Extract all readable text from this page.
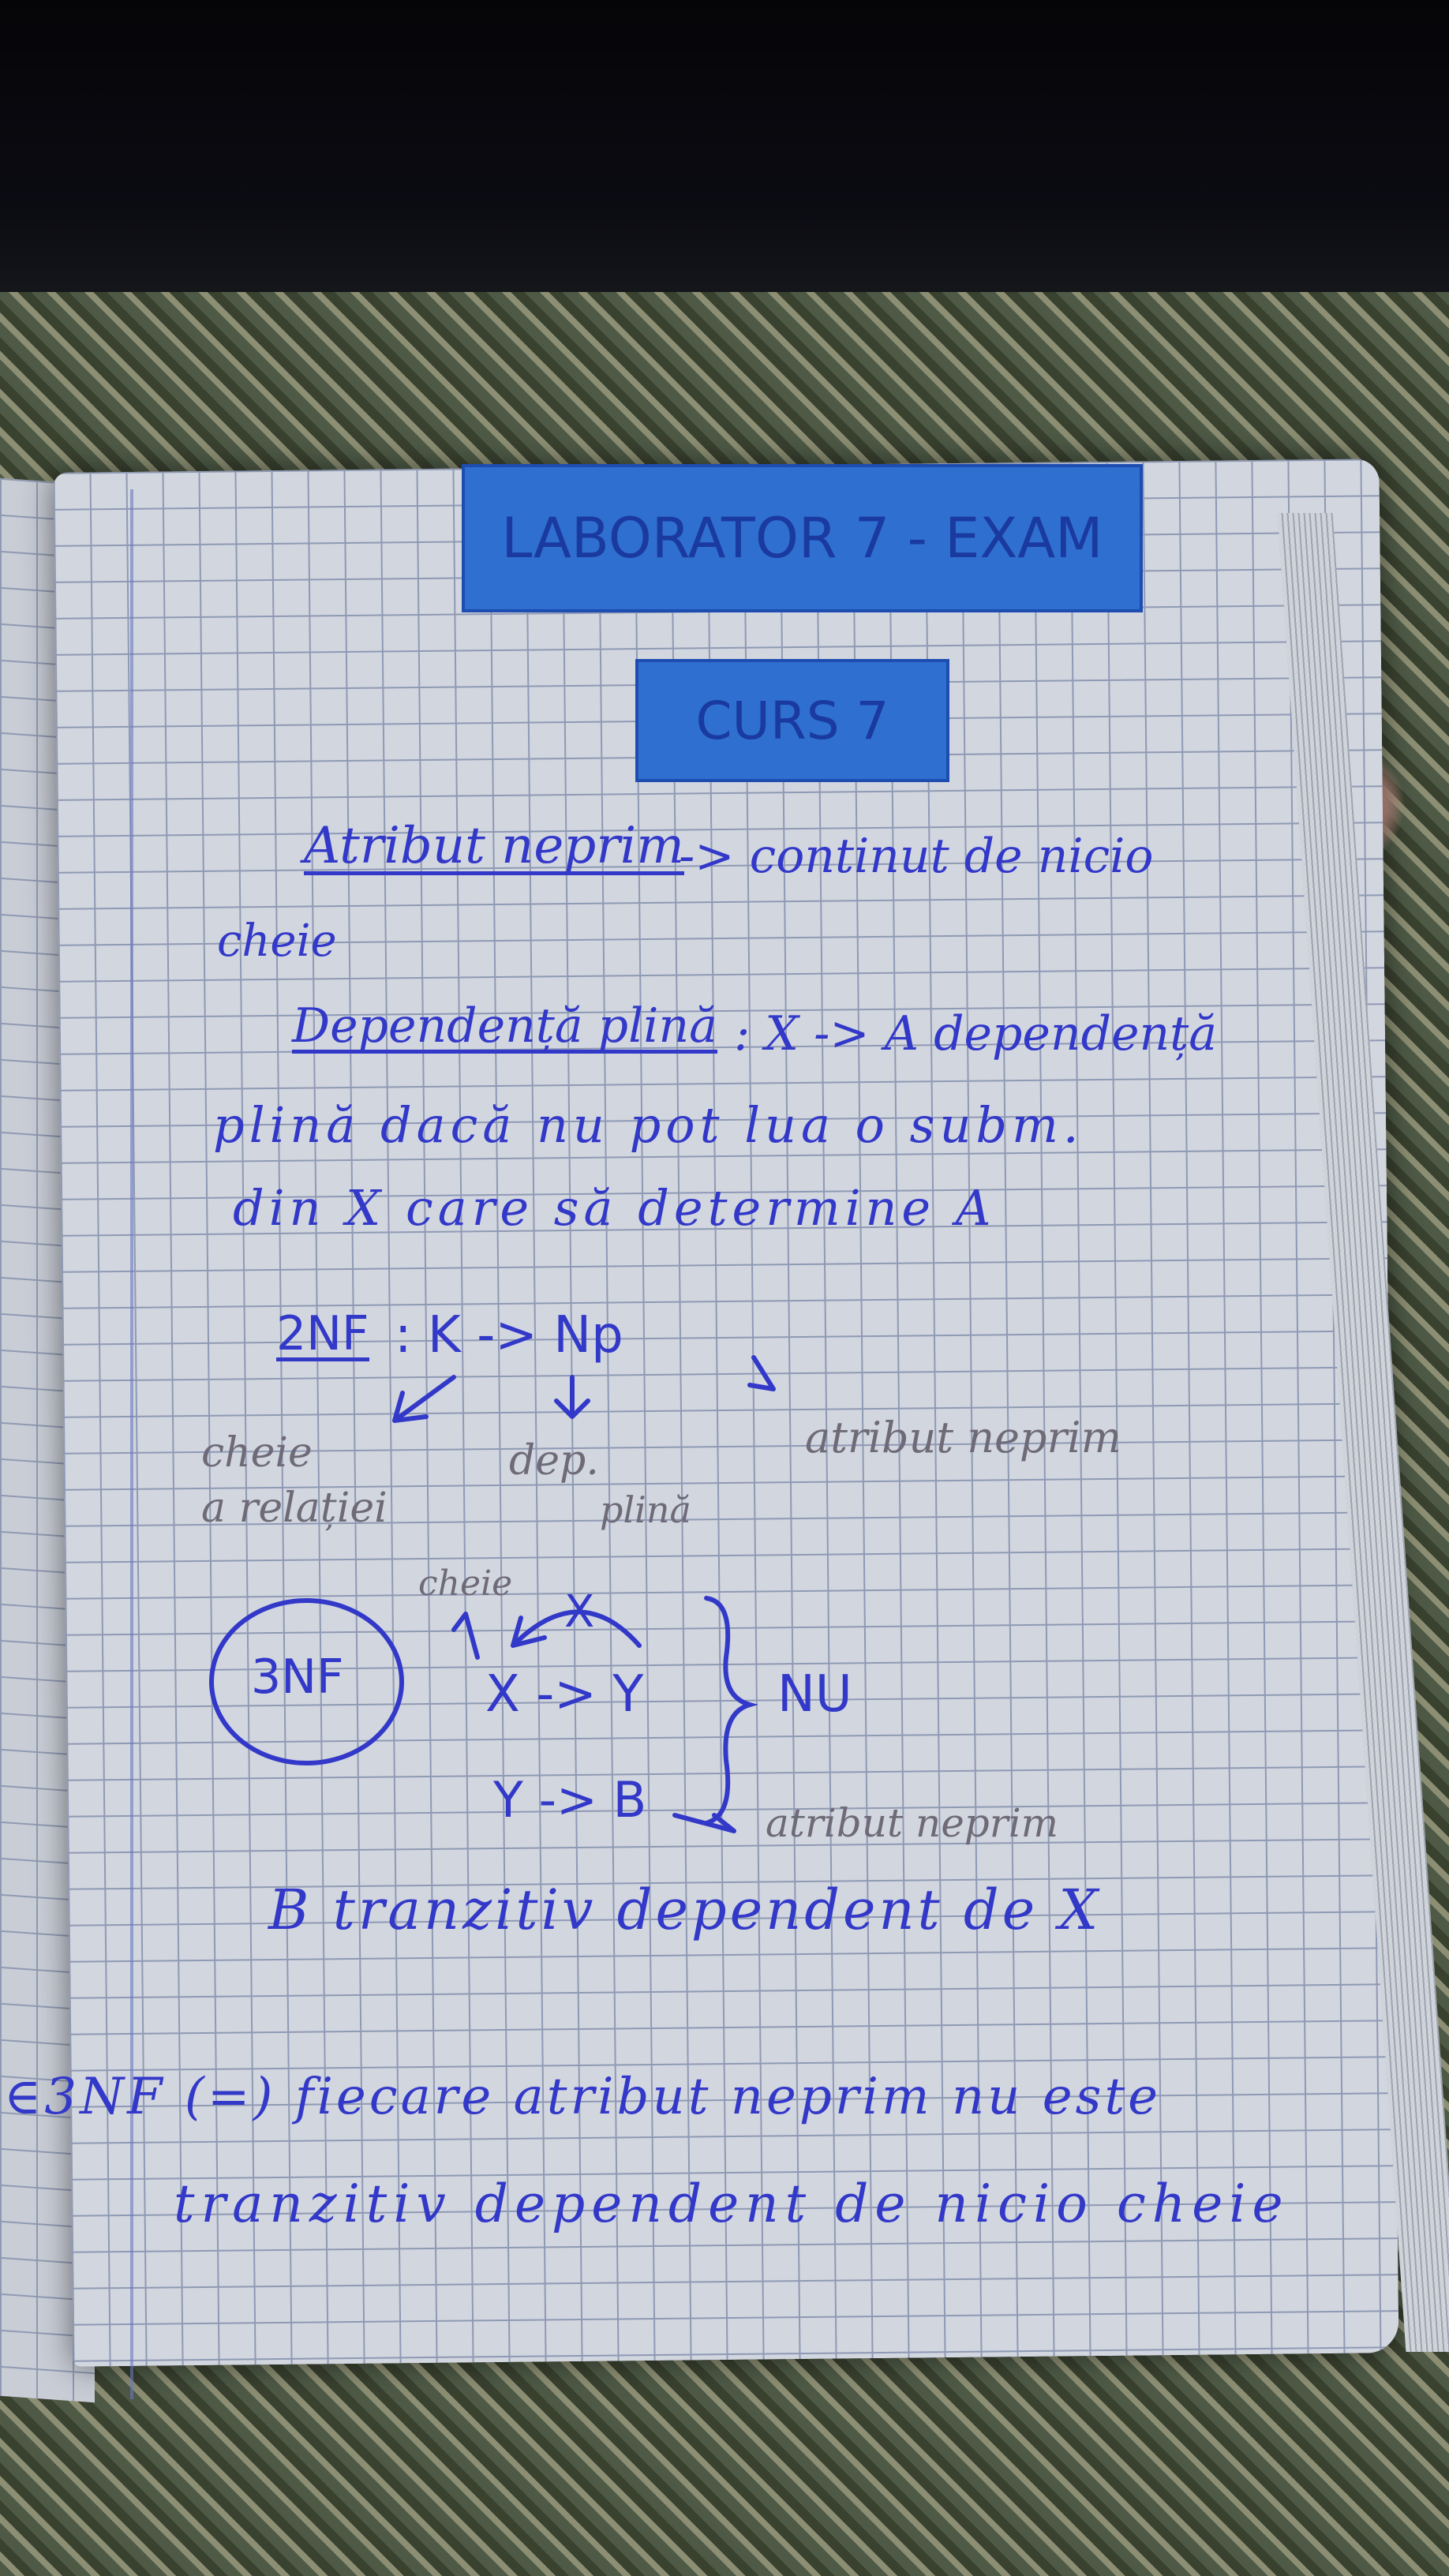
LABORATOR 7 - EXAM
CURS 7
Atribut neprim
-> continut de nicio
cheie
Dependență plină : X -> A dependență
plină dacă nu pot lua o subm.
din X care să determine A
2NF : K -> Np
cheie
a relației
dep.
plină
atribut neprim
3NF
cheie
X
X -> Y
Y -> B
NU
atribut neprim
B tranzitiv dependent de X
∈3NF (=) fiecare atribut neprim nu este
tranzitiv dependent de nicio cheie
